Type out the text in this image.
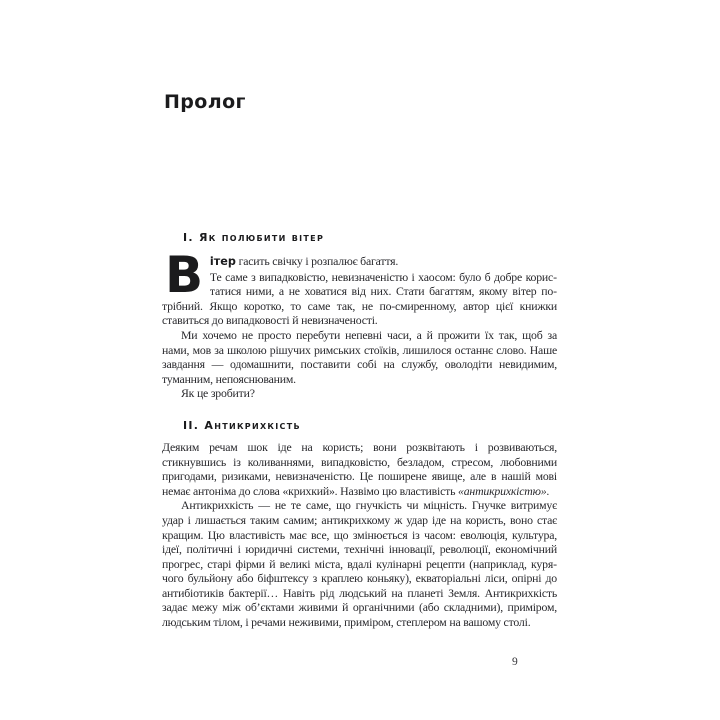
Пролог
І. Як полюбити вітер

Вітер гасить свічку і розпалює багаття.
Те саме з випадковістю, невизначеністю і хаосом: було б добре користатися ними, а не ховатися від них. Стати багаттям, якому вітер потрібний. Якщо коротко, то саме так, не по-смиренному, автор цієї книжки ставиться до випадковості й невизначеності.

Ми хочемо не просто перебути непевні часи, а й прожити їх так, щоб за нами, мов за школою рішучих римських стоїків, лишилося останнє слово. Наше завдання — одомашнити, поставити собі на службу, оволодіти невидимим, туманним, непояснюваним.

Як це зробити?

ІІ. Антикрихкість

Деяким речам шок іде на користь; вони розквітають і розвиваються, стикнувшись із коливаннями, випадковістю, безладом, стресом, любовними пригодами, ризиками, невизначеністю. Це поширене явище, але в нашій мові немає антоніма до слова «крихкий». Назвімо цю властивість «антикрихкістю».

Антикрихкість — не те саме, що гнучкість чи міцність. Гнучке витримує удар і лишається таким самим; антикрихкому ж удар іде на користь, воно стає кращим. Цю властивість має все, що змінюється із часом: еволюція, культура, ідеї, політичні і юридичні системи, технічні інновації, революції, економічний прогрес, старі фірми й великі міста, вдалі кулінарні рецепти (наприклад, курячого бульйону або біфштексу з краплею коньяку), екваторіальні ліси, опірні до антибіотиків бактерії… Навіть рід людський на планеті Земля. Антикрихкість задає межу між об’єктами живими й органічними (або складними), приміром, людським тілом, і речами неживими, приміром, степлером на вашому столі.

9
